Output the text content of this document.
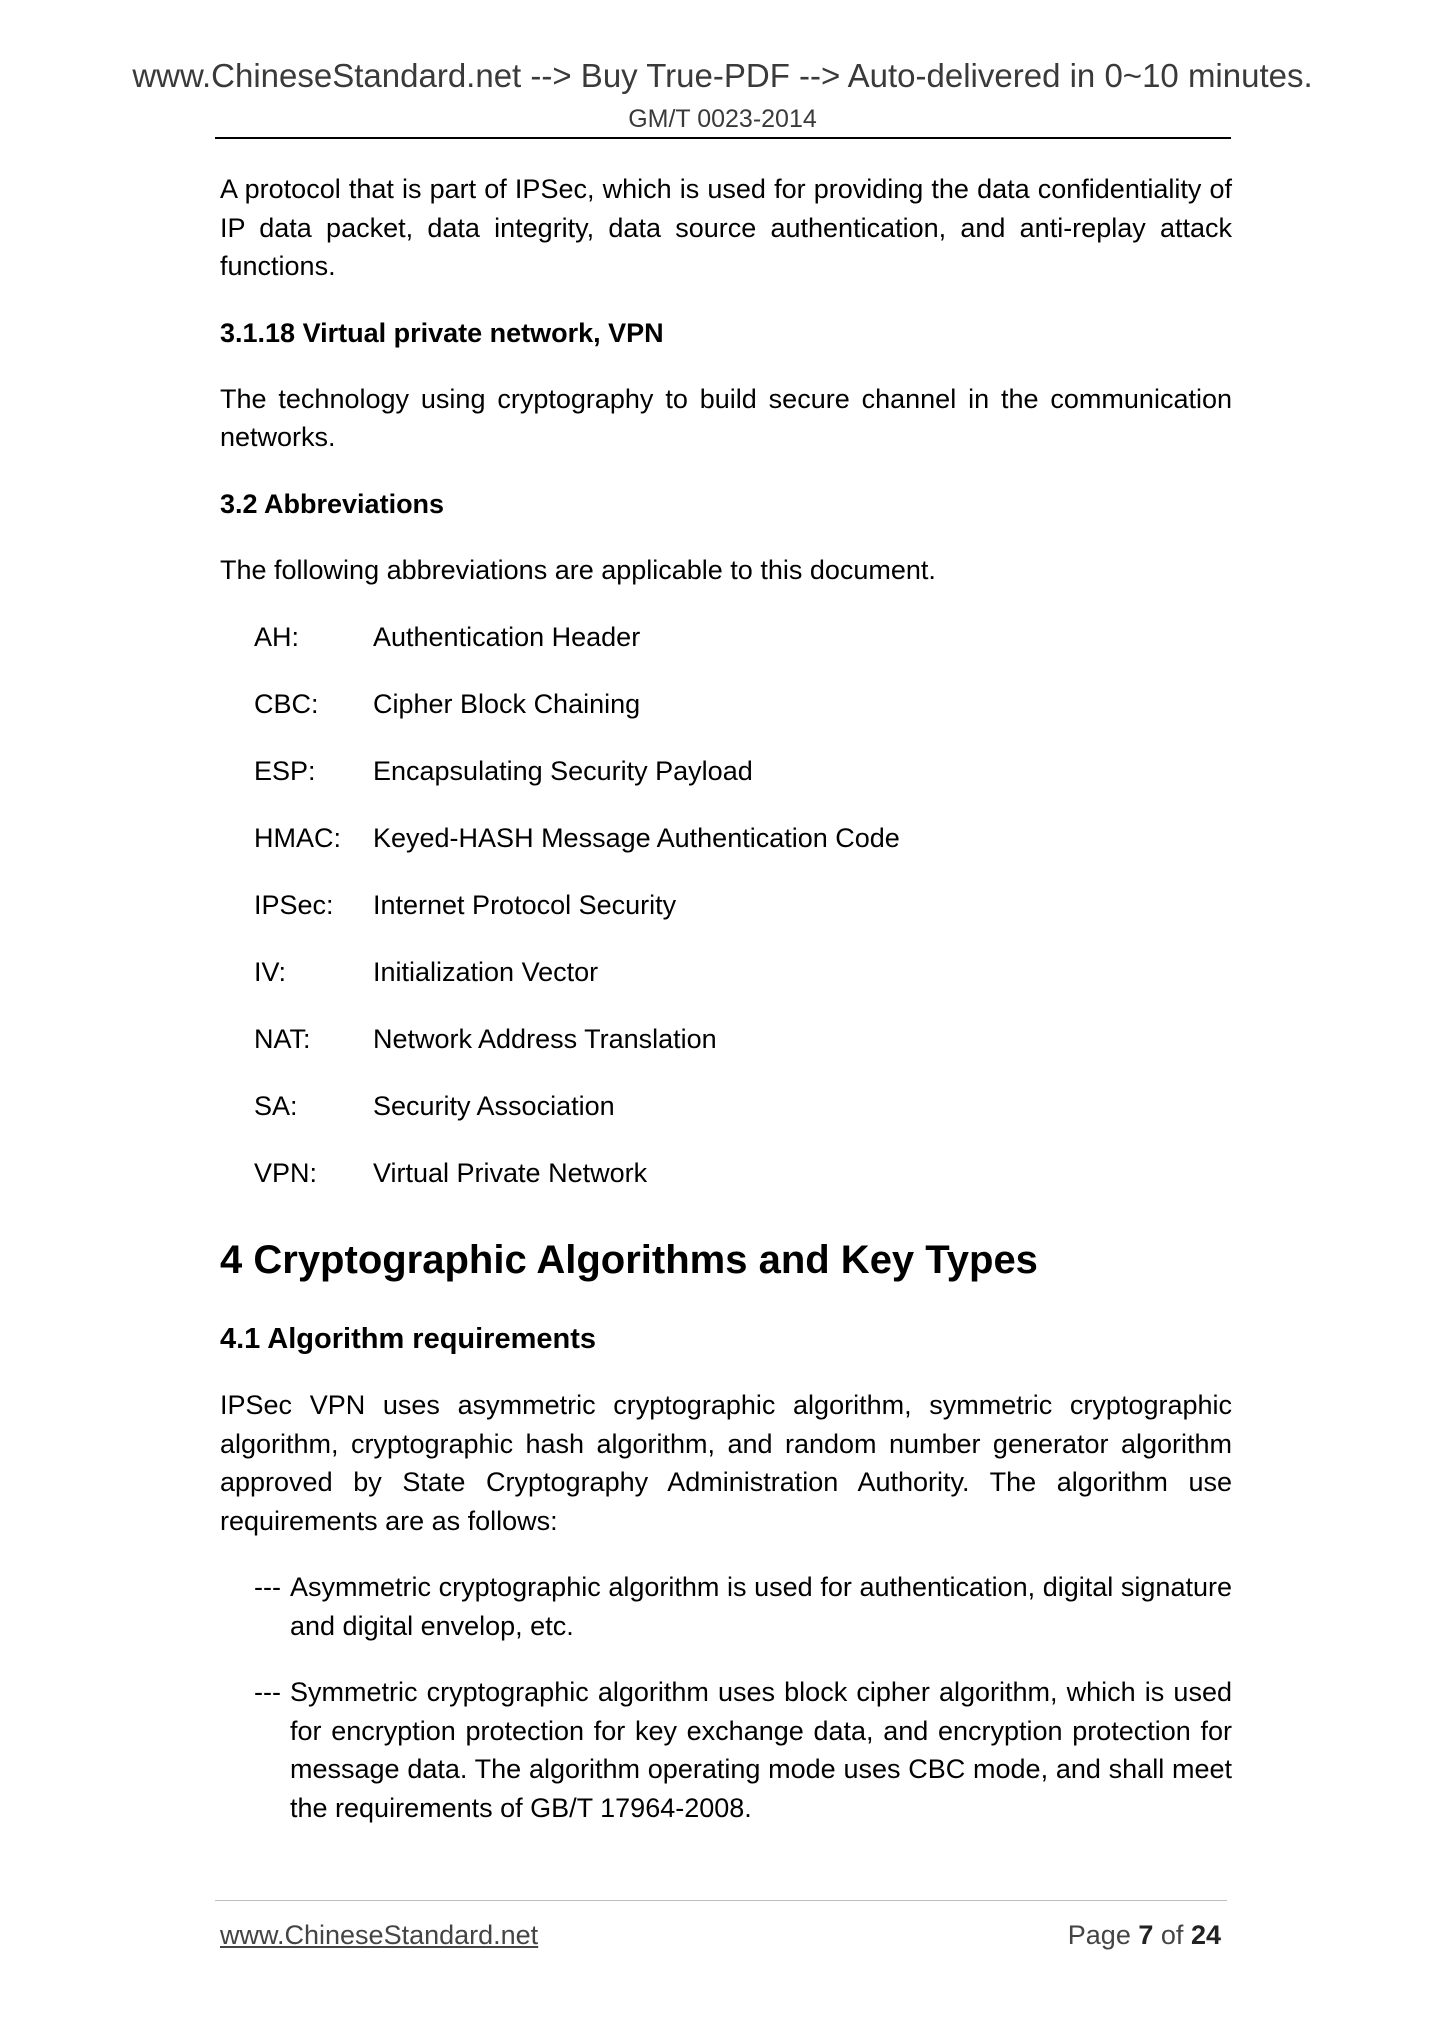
www.ChineseStandard.net --> Buy True-PDF --> Auto-delivered in 0~10 minutes.
GM/T 0023-2014

A protocol that is part of IPSec, which is used for providing the data confidentiality of IP data packet, data integrity, data source authentication, and anti-replay attack functions.

3.1.18 Virtual private network, VPN

The technology using cryptography to build secure channel in the communication networks.

3.2 Abbreviations

The following abbreviations are applicable to this document.

AH:	Authentication Header
CBC:	Cipher Block Chaining
ESP:	Encapsulating Security Payload
HMAC:	Keyed-HASH Message Authentication Code
IPSec:	Internet Protocol Security
IV:	Initialization Vector
NAT:	Network Address Translation
SA:	Security Association
VPN:	Virtual Private Network

4 Cryptographic Algorithms and Key Types

4.1 Algorithm requirements

IPSec VPN uses asymmetric cryptographic algorithm, symmetric cryptographic algorithm, cryptographic hash algorithm, and random number generator algorithm approved by State Cryptography Administration Authority. The algorithm use requirements are as follows:

--- Asymmetric cryptographic algorithm is used for authentication, digital signature and digital envelop, etc.
--- Symmetric cryptographic algorithm uses block cipher algorithm, which is used for encryption protection for key exchange data, and encryption protection for message data. The algorithm operating mode uses CBC mode, and shall meet the requirements of GB/T 17964-2008.
www.ChineseStandard.net	Page 7 of 24
